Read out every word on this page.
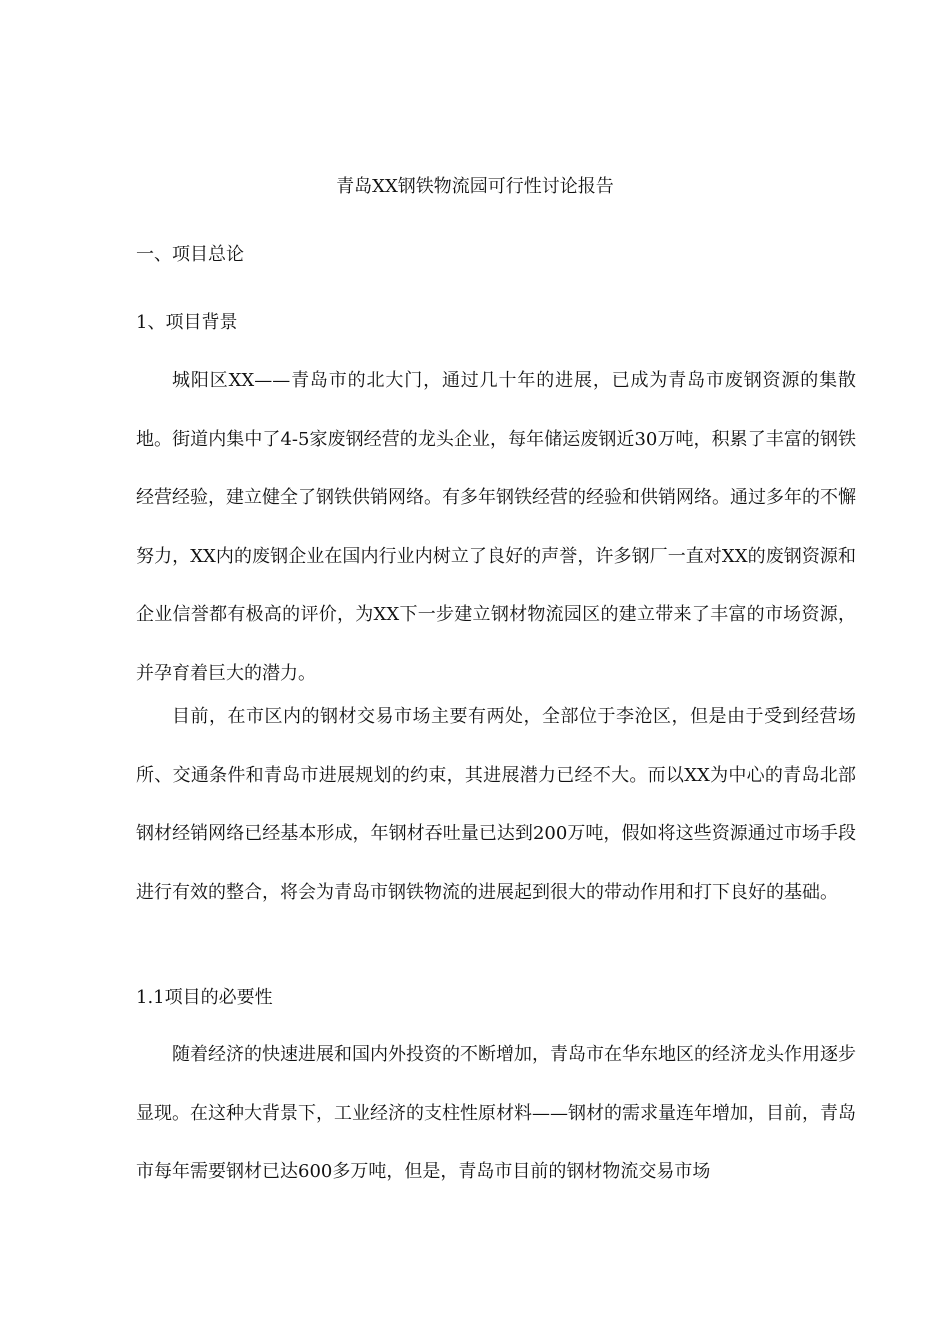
青岛XX钢铁物流园可行性讨论报告
一、项目总论
1、项目背景

城阳区XX——青岛市的北大门，通过几十年的进展，已成为青岛市废钢资源的集散地。街道内集中了4-5家废钢经营的龙头企业，每年储运废钢近30万吨，积累了丰富的钢铁经营经验，建立健全了钢铁供销网络。有多年钢铁经营的经验和供销网络。通过多年的不懈努力，XX内的废钢企业在国内行业内树立了良好的声誉，许多钢厂一直对XX的废钢资源和企业信誉都有极高的评价，为XX下一步建立钢材物流园区的建立带来了丰富的市场资源，并孕育着巨大的潜力。

目前，在市区内的钢材交易市场主要有两处，全部位于李沧区，但是由于受到经营场所、交通条件和青岛市进展规划的约束，其进展潜力已经不大。而以XX为中心的青岛北部钢材经销网络已经基本形成，年钢材吞吐量已达到200万吨，假如将这些资源通过市场手段进行有效的整合，将会为青岛市钢铁物流的进展起到很大的带动作用和打下良好的基础。

1.1项目的必要性

随着经济的快速进展和国内外投资的不断增加，青岛市在华东地区的经济龙头作用逐步显现。在这种大背景下，工业经济的支柱性原材料——钢材的需求量连年增加，目前，青岛市每年需要钢材已达600多万吨，但是，青岛市目前的钢材物流交易市场
